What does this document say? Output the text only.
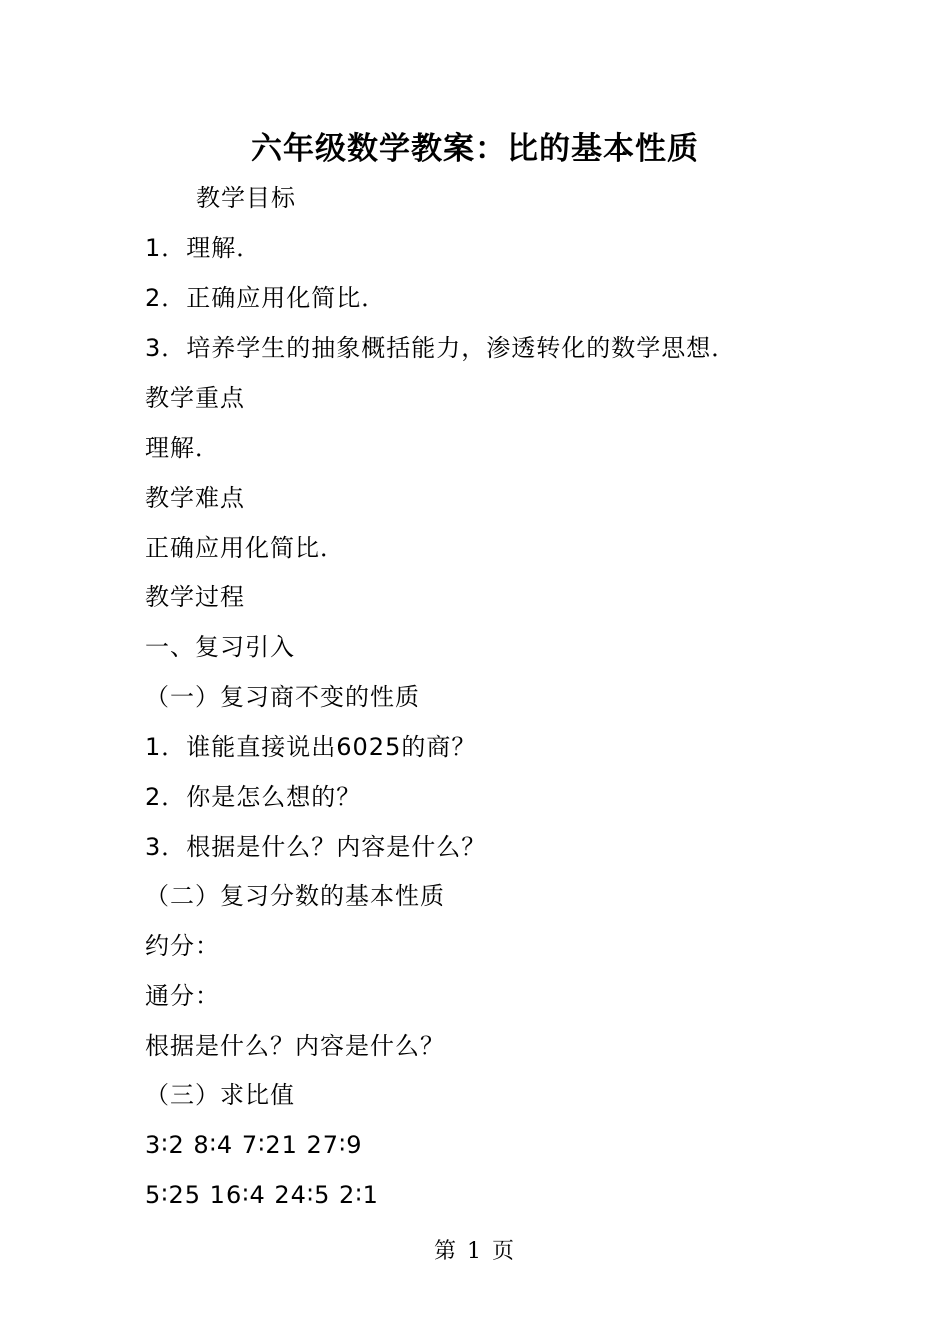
六年级数学教案：比的基本性质
教学目标
1．理解．
2．正确应用化简比．
3．培养学生的抽象概括能力，渗透转化的数学思想．
教学重点
理解．
教学难点
正确应用化简比．
教学过程
一、复习引入
（一）复习商不变的性质
1．谁能直接说出6025的商？
2．你是怎么想的？
3．根据是什么？内容是什么？
（二）复习分数的基本性质
约分：
通分：
根据是什么？内容是什么？
（三）求比值
3∶2 8∶4 7∶21 27∶9
5∶25 16∶4 24∶5 2∶1
第 1 页
